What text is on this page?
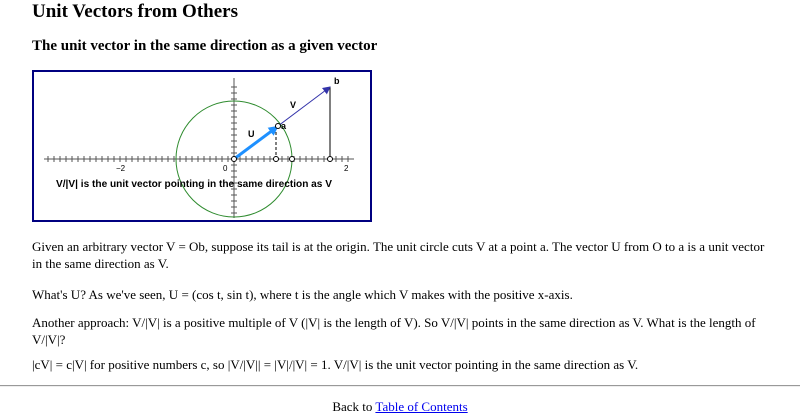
Unit Vectors from Others
The unit vector in the same direction as a given vector
b
V
a
U
−2	0	2
V/|V| is the unit vector pointing in the same direction as V

Given an arbitrary vector V = Ob, suppose its tail is at the origin. The unit circle cuts V at a point a. The vector U from O to a is a unit vector in the same direction as V.

What's U? As we've seen, U = (cos t, sin t), where t is the angle which V makes with the positive x-axis.

Another approach: V/|V| is a positive multiple of V (|V| is the length of V). So V/|V| points in the same direction as V. What is the length of V/|V|?

|cV| = c|V| for positive numbers c, so |V/|V|| = |V|/|V| = 1. V/|V| is the unit vector pointing in the same direction as V.

Back to Table of Contents
